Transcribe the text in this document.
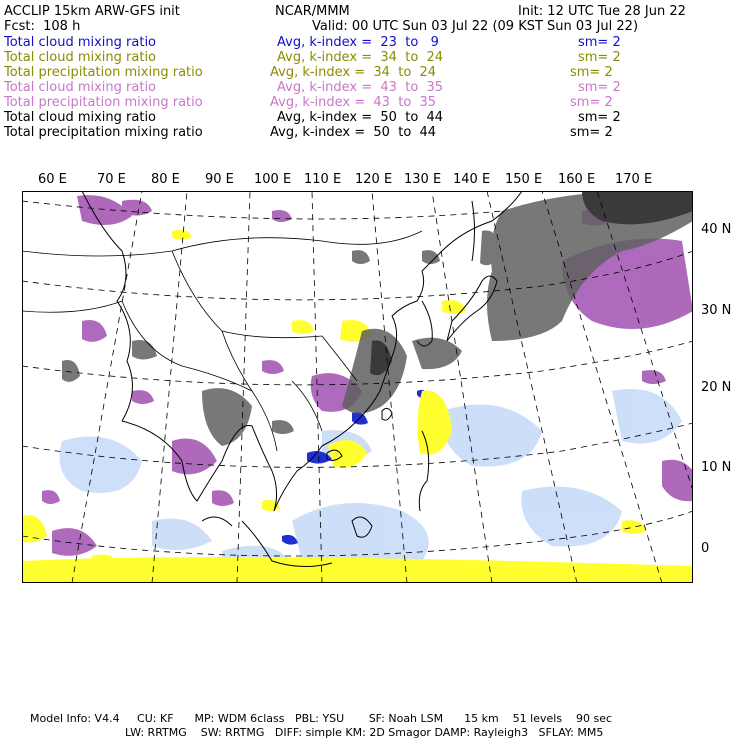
ACCLIP 15km ARW-GFS init	NCAR/MMM	Init: 12 UTC Tue 28 Jun 22
Fcst:  108 h	Valid: 00 UTC Sun 03 Jul 22 (09 KST Sun 03 Jul 22)
Total cloud mixing ratio	Avg, k-index =  23  to   9	sm= 2
Total cloud mixing ratio	Avg, k-index =  34  to  24	sm= 2
Total precipitation mixing ratio	Avg, k-index =  34  to  24	sm= 2
Total cloud mixing ratio	Avg, k-index =  43  to  35	sm= 2
Total precipitation mixing ratio	Avg, k-index =  43  to  35	sm= 2
Total cloud mixing ratio	Avg, k-index =  50  to  44	sm= 2
Total precipitation mixing ratio	Avg, k-index =  50  to  44	sm= 2
60 E 70 E 80 E 90 E 100 E 110 E 120 E 130 E 140 E 150 E 160 E 170 E
40 N
30 N
20 N
10 N
0
Model Info: V4.4     CU: KF      MP: WDM 6class   PBL: YSU       SF: Noah LSM      15 km    51 levels    90 sec
LW: RRTMG    SW: RRTMG   DIFF: simple KM: 2D Smagor DAMP: Rayleigh3   SFLAY: MM5
